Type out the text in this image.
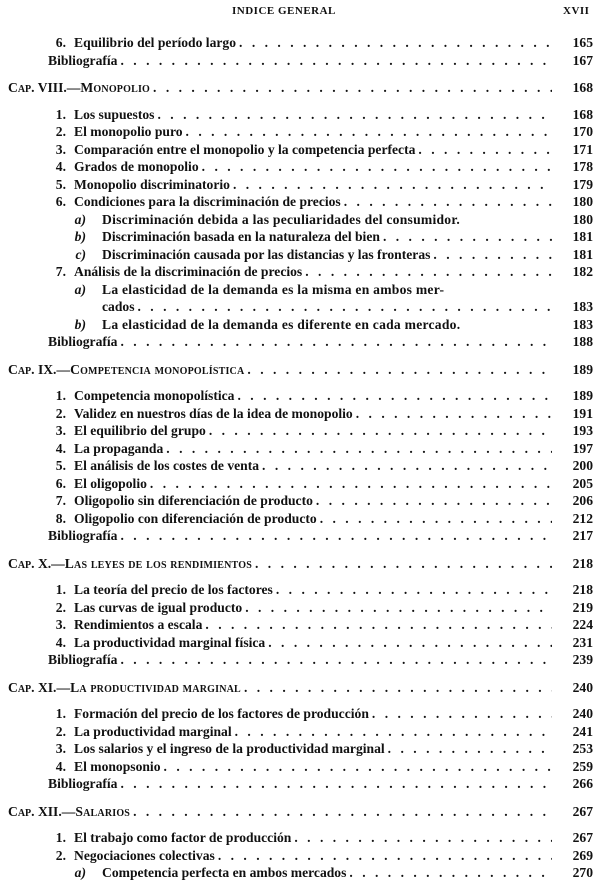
INDICE GENERAL	XVII
6. Equilibrio del período largo . . .	165
Bibliografía . . .	167
Cap. VIII.—Monopolio . . .	168
1. Los supuestos . . .	168
2. El monopolio puro . . .	170
3. Comparación entre el monopolio y la competencia perfecta . . .	171
4. Grados de monopolio . . .	178
5. Monopolio discriminatorio . . .	179
6. Condiciones para la discriminación de precios . . .	180
a) Discriminación debida a las peculiaridades del consumidor.	180
b) Discriminación basada en la naturaleza del bien . . .	181
c) Discriminación causada por las distancias y las fronteras . . .	181
7. Análisis de la discriminación de precios . . .	182
a) La elasticidad de la demanda es la misma en ambos mer-
cados . . .	183
b) La elasticidad de la demanda es diferente en cada mercado.	183
Bibliografía . . .	188
Cap. IX.—Competencia monopolística . . .	189
1. Competencia monopolística . . .	189
2. Validez en nuestros días de la idea de monopolio . . .	191
3. El equilibrio del grupo . . .	193
4. La propaganda . . .	197
5. El análisis de los costes de venta . . .	200
6. El oligopolio . . .	205
7. Oligopolio sin diferenciación de producto . . .	206
8. Oligopolio con diferenciación de producto . . .	212
Bibliografía . . .	217
Cap. X.—Las leyes de los rendimientos . . .	218
1. La teoría del precio de los factores . . .	218
2. Las curvas de igual producto . . .	219
3. Rendimientos a escala . . .	224
4. La productividad marginal física . . .	231
Bibliografía . . .	239
Cap. XI.—La productividad marginal . . .	240
1. Formación del precio de los factores de producción . . .	240
2. La productividad marginal . . .	241
3. Los salarios y el ingreso de la productividad marginal . . .	253
4. El monopsonio . . .	259
Bibliografía . . .	266
Cap. XII.—Salarios . . .	267
1. El trabajo como factor de producción . . .	267
2. Negociaciones colectivas . . .	269
a) Competencia perfecta en ambos mercados . . .	270
